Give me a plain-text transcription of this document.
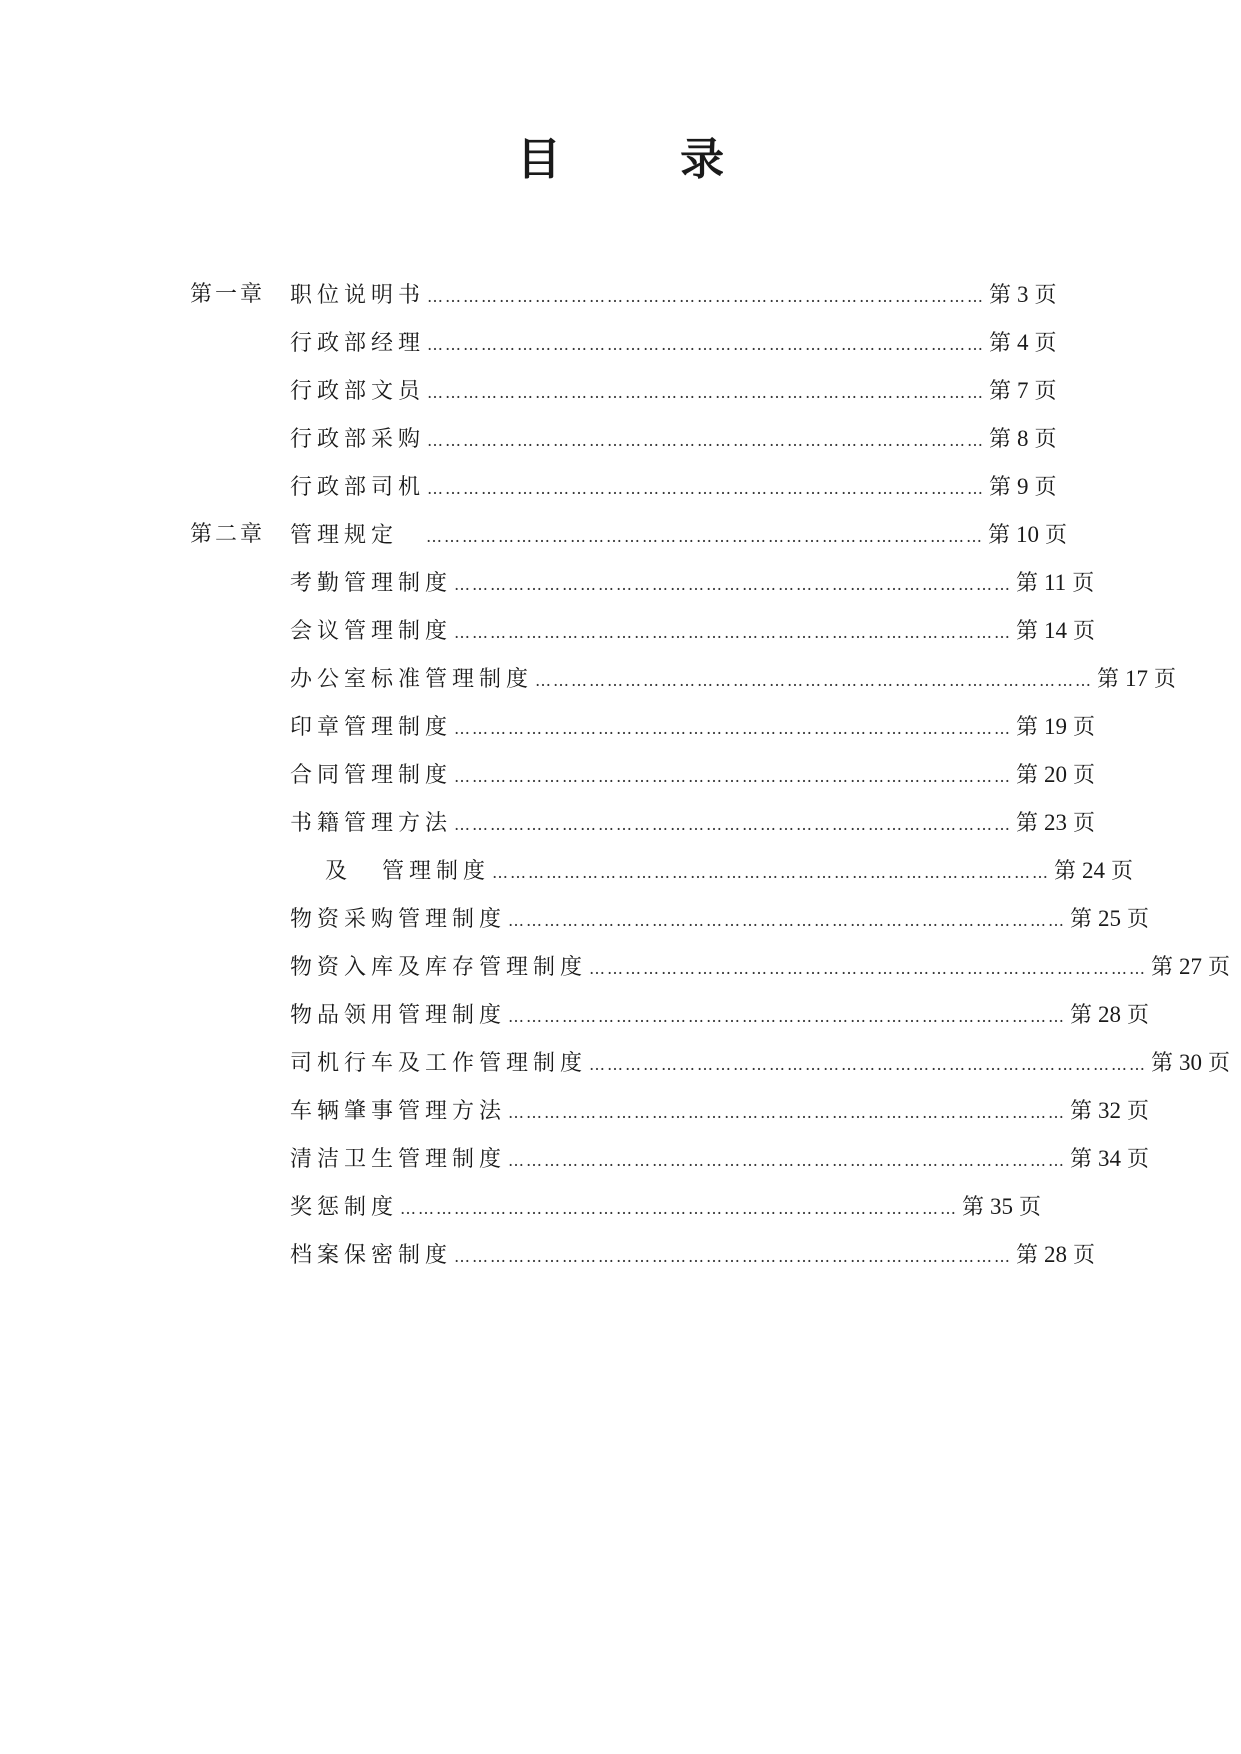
目 录
第一章 职位说明书 ………………………………………………………………………………… 第 3 页
行政部经理 ………………………………………………………………………………… 第 4 页
行政部文员 ………………………………………………………………………………… 第 7 页
行政部采购 ………………………………………………………………………………… 第 8 页
行政部司机 ………………………………………………………………………………… 第 9 页
第二章 管理规定 ………………………………………………………………………………… 第 10 页
考勤管理制度 ………………………………………………………………………………… 第 11 页
会议管理制度 ………………………………………………………………………………… 第 14 页
办公室标准管理制度 ………………………………………………………………………………… 第 17 页
印章管理制度 ………………………………………………………………………………… 第 19 页
合同管理制度 ………………………………………………………………………………… 第 20 页
书籍管理方法 ………………………………………………………………………………… 第 23 页
及 管理制度 ………………………………………………………………………………… 第 24 页
物资采购管理制度 ………………………………………………………………………………… 第 25 页
物资入库及库存管理制度 ………………………………………………………………………………… 第 27 页
物品领用管理制度 ………………………………………………………………………………… 第 28 页
司机行车及工作管理制度 ………………………………………………………………………………… 第 30 页
车辆肇事管理方法 ………………………………………………………………………………… 第 32 页
清洁卫生管理制度 ………………………………………………………………………………… 第 34 页
奖惩制度 ………………………………………………………………………………… 第 35 页
档案保密制度 ………………………………………………………………………………… 第 28 页
